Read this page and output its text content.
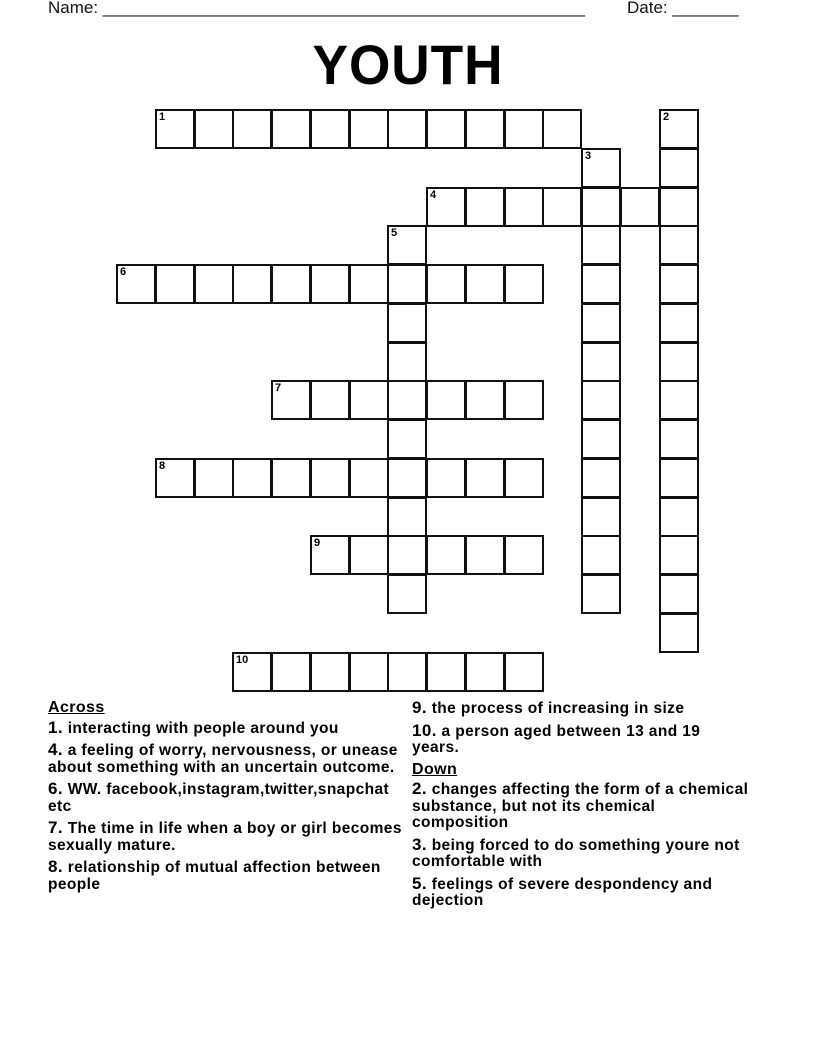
Name: ___________________________________________________ Date: _______
YOUTH
1	2
3
4
5
6
7
8
9
10
Across
1. interacting with people around you
4. a feeling of worry, nervousness, or unease about something with an uncertain outcome.
6. WW. facebook,instagram,twitter,snapchat etc
7. The time in life when a boy or girl becomes sexually mature.
8. relationship of mutual affection between people
9. the process of increasing in size
10. a person aged between 13 and 19 years.
Down
2. changes affecting the form of a chemical substance, but not its chemical composition
3. being forced to do something youre not comfortable with
5. feelings of severe despondency and dejection
